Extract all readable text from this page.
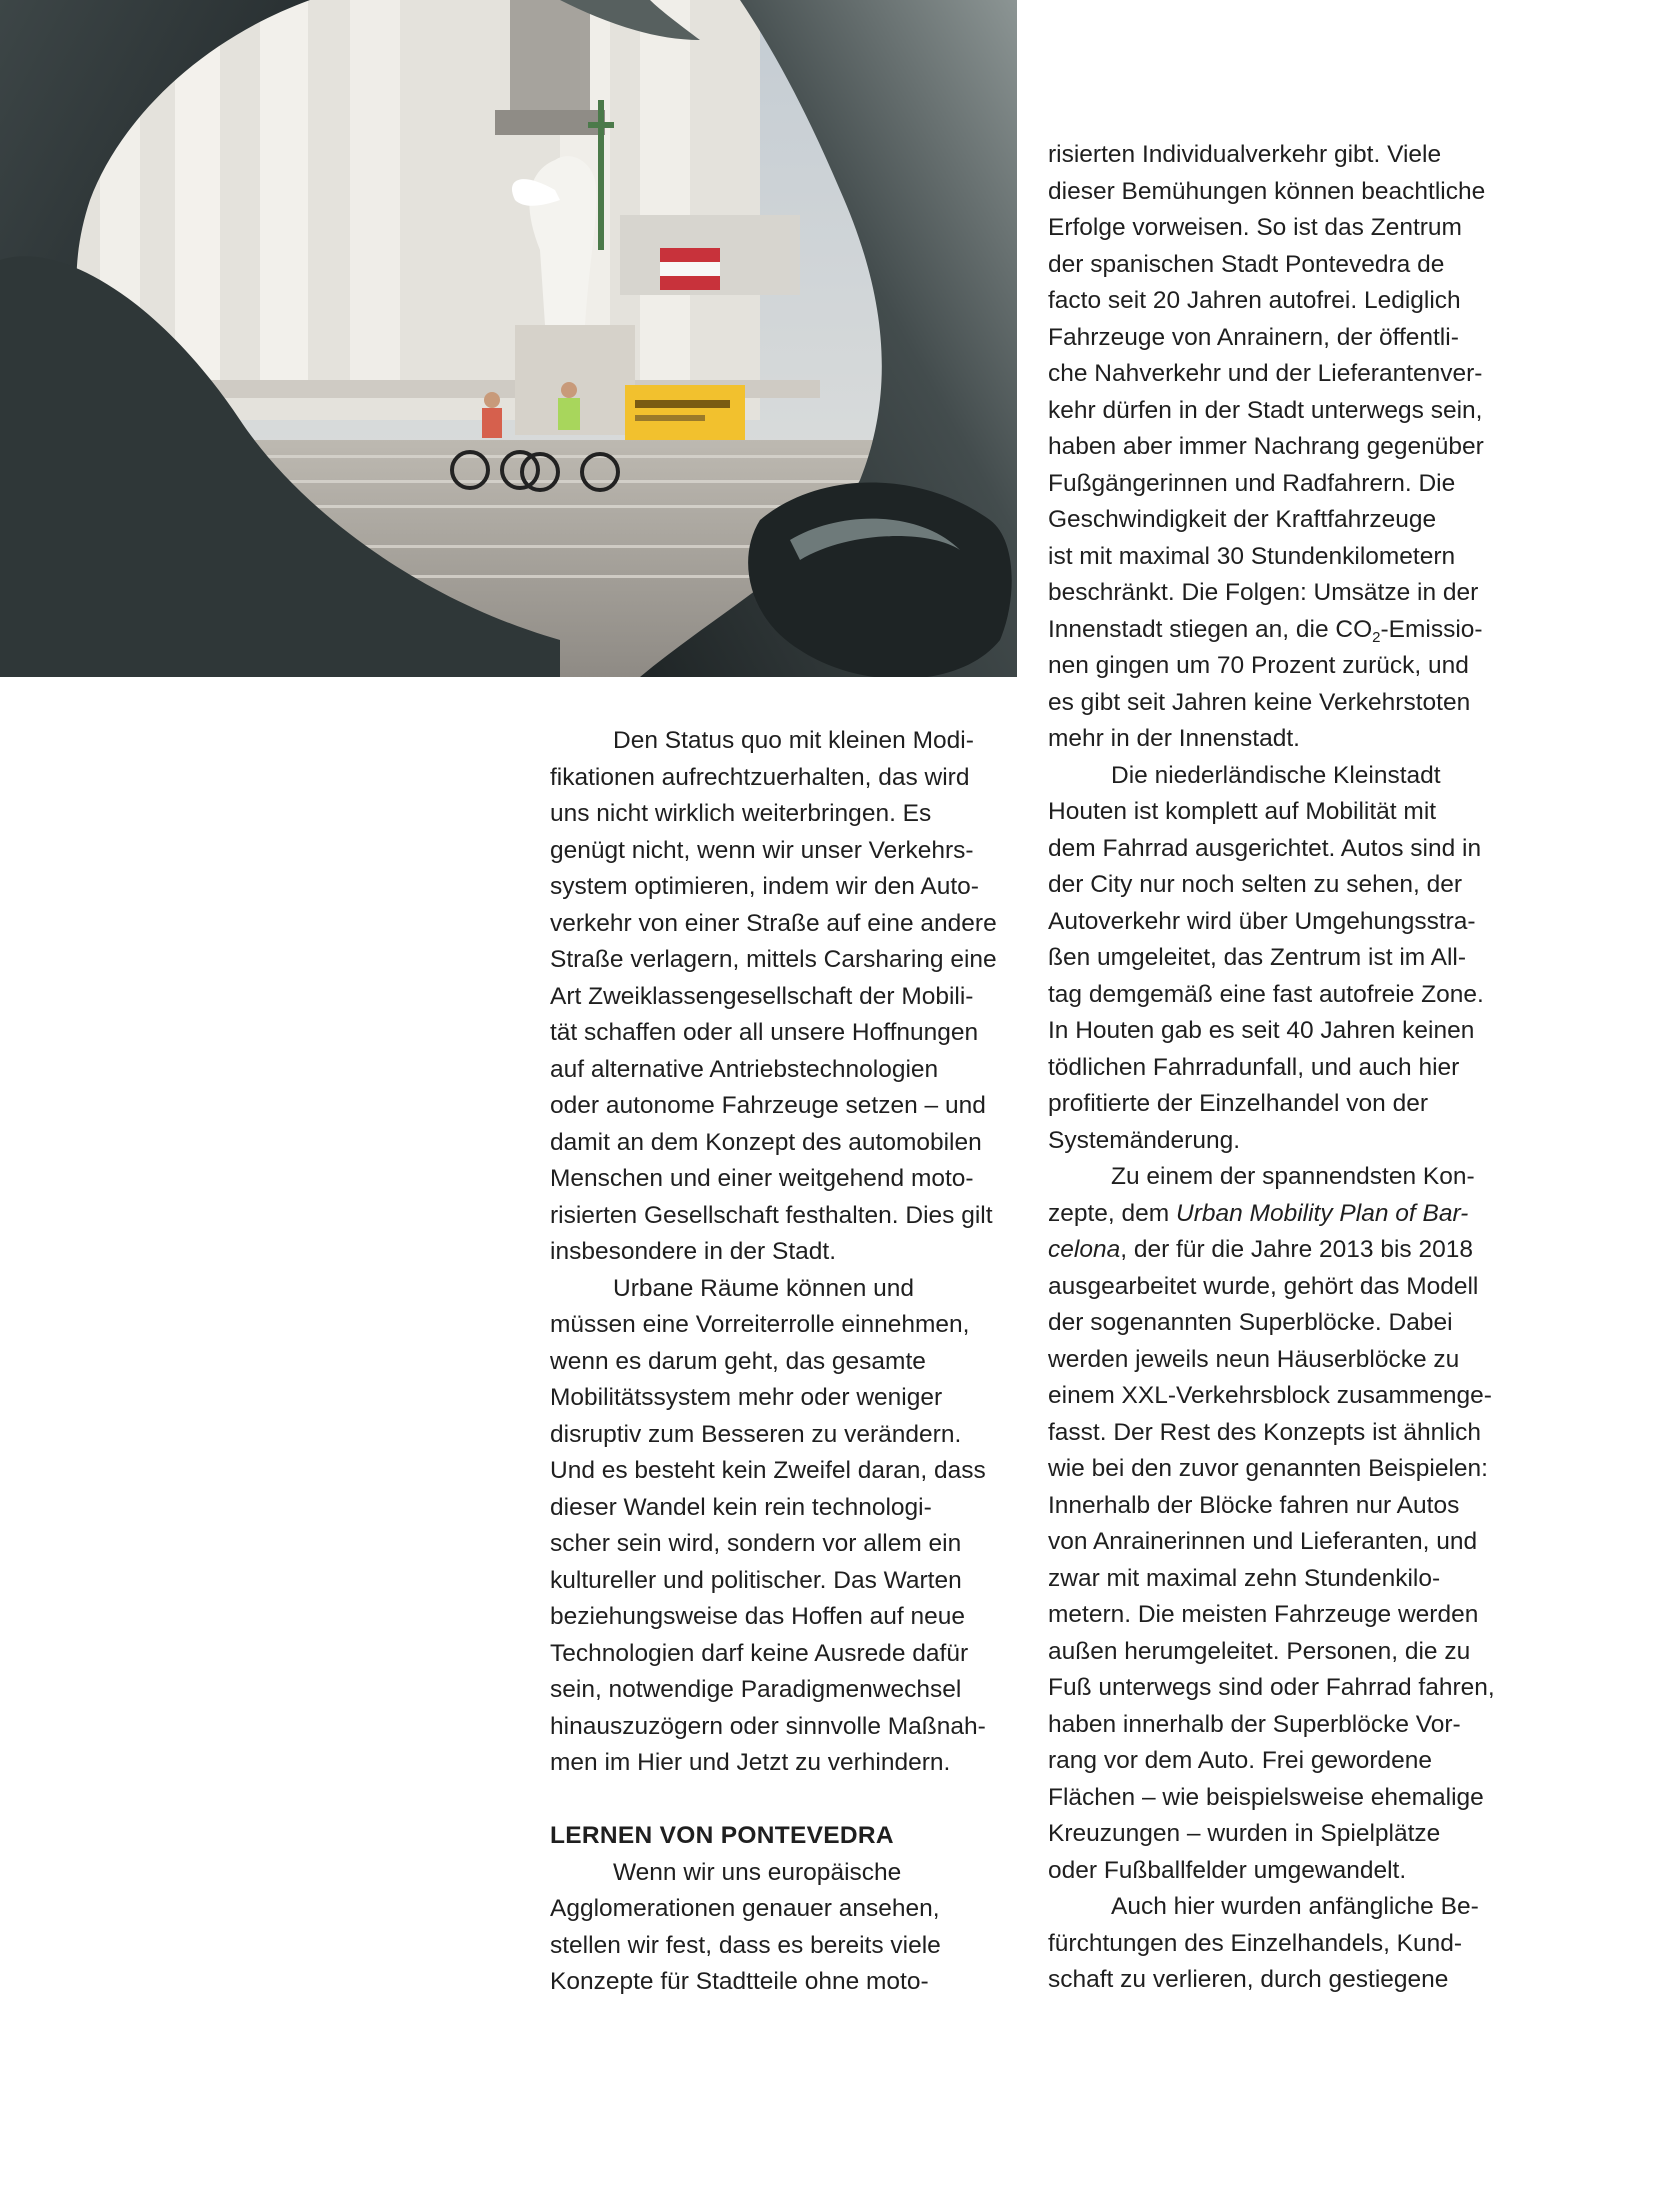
Den Status quo mit kleinen Modi-

fikationen aufrechtzuerhalten, das wird

uns nicht wirklich weiterbringen. Es

genügt nicht, wenn wir unser Verkehrs-

system optimieren, indem wir den Auto-

verkehr von einer Straße auf eine andere

Straße verlagern, mittels Carsharing eine

Art Zweiklassengesellschaft der Mobili-

tät schaffen oder all unsere Hoffnungen

auf alternative Antriebstechnologien

oder autonome Fahrzeuge setzen – und

damit an dem Konzept des automobilen

Menschen und einer weitgehend moto-

risierten Gesellschaft festhalten. Dies gilt

insbesondere in der Stadt.

Urbane Räume können und

müssen eine Vorreiterrolle einnehmen,

wenn es darum geht, das gesamte

Mobilitätssystem mehr oder weniger

disruptiv zum Besseren zu verändern.

Und es besteht kein Zweifel daran, dass

dieser Wandel kein rein technologi-

scher sein wird, sondern vor allem ein

kultureller und politischer. Das Warten

beziehungsweise das Hoffen auf neue

Technologien darf keine Ausrede dafür

sein, notwendige Paradigmenwechsel

hinauszuzögern oder sinnvolle Maßnah-

men im Hier und Jetzt zu verhindern.

LERNEN VON PONTEVEDRA

Wenn wir uns europäische

Agglomerationen genauer ansehen,

stellen wir fest, dass es bereits viele

Konzepte für Stadtteile ohne moto-

risierten Individualverkehr gibt. Viele

dieser Bemühungen können beachtliche

Erfolge vorweisen. So ist das Zentrum

der spanischen Stadt Pontevedra de

facto seit 20 Jahren autofrei. Lediglich

Fahrzeuge von Anrainern, der öffentli-

che Nahverkehr und der Lieferantenver-

kehr dürfen in der Stadt unterwegs sein,

haben aber immer Nachrang gegenüber

Fußgängerinnen und Radfahrern. Die

Geschwindigkeit der Kraftfahrzeuge

ist mit maximal 30 Stundenkilometern

beschränkt. Die Folgen: Umsätze in der

Innenstadt stiegen an, die $CO_2-Emissio-$

nen gingen um 70 Prozent zurück, und

es gibt seit Jahren keine Verkehrstoten

mehr in der Innenstadt.

Die niederländische Kleinstadt

Houten ist komplett auf Mobilität mit

dem Fahrrad ausgerichtet. Autos sind in

der City nur noch selten zu sehen, der

Autoverkehr wird über Umgehungsstra-

ßen umgeleitet, das Zentrum ist im All-

tag demgemäß eine fast autofreie Zone.

In Houten gab es seit 40 Jahren keinen

tödlichen Fahrradunfall, und auch hier

profitierte der Einzelhandel von der

Systemänderung.

Zu einem der spannendsten Kon-

zepte, dem Urban Mobility Plan of Bar-

celona, der für die Jahre 2013 bis 2018

ausgearbeitet wurde, gehört das Modell

der sogenannten Superblöcke. Dabei

werden jeweils neun Häuserblöcke zu

einem XXL-Verkehrsblock zusammenge-

fasst. Der Rest des Konzepts ist ähnlich

wie bei den zuvor genannten Beispielen:

Innerhalb der Blöcke fahren nur Autos

von Anrainerinnen und Lieferanten, und

zwar mit maximal zehn Stundenkilo-

metern. Die meisten Fahrzeuge werden

außen herumgeleitet. Personen, die zu

Fuß unterwegs sind oder Fahrrad fahren,

haben innerhalb der Superblöcke Vor-

rang vor dem Auto. Frei gewordene

Flächen – wie beispielsweise ehemalige

Kreuzungen – wurden in Spielplätze

oder Fußballfelder umgewandelt.

Auch hier wurden anfängliche Be-

fürchtungen des Einzelhandels, Kund-

schaft zu verlieren, durch gestiegene
